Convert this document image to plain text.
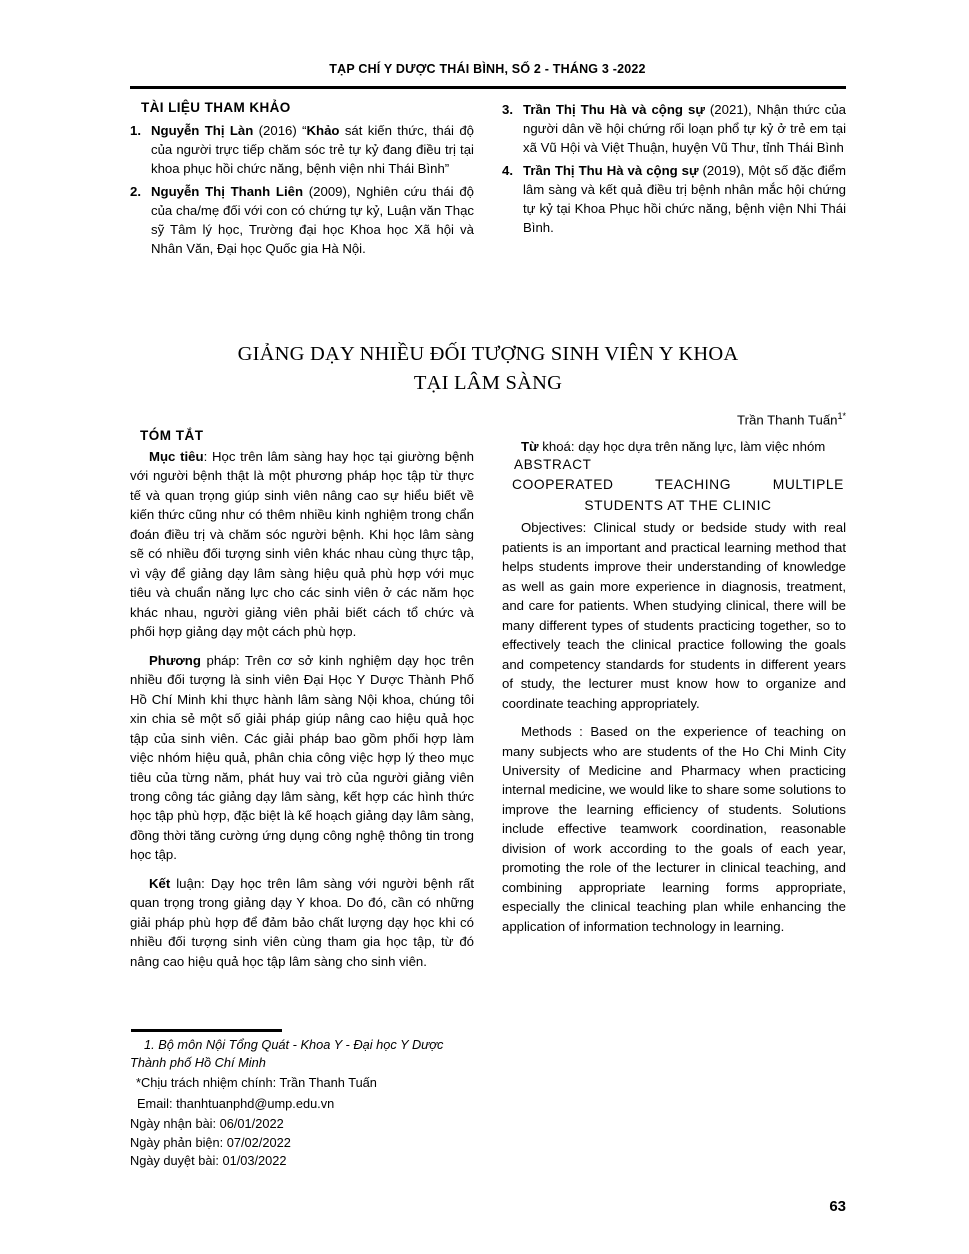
TẠP CHÍ Y DƯỢC THÁI BÌNH, SỐ 2 - THÁNG 3 -2022
TÀI LIỆU THAM KHẢO
1. Nguyễn Thị Làn (2016) “Khảo sát kiến thức, thái độ của người trực tiếp chăm sóc trẻ tự kỷ đang điều trị tại khoa phục hồi chức năng, bệnh viện nhi Thái Bình”
2. Nguyễn Thị Thanh Liên (2009), Nghiên cứu thái độ của cha/mẹ đối với con có chứng tự kỷ, Luận văn Thạc sỹ Tâm lý học, Trường đại học Khoa học Xã hội và Nhân Văn, Đại học Quốc gia Hà Nội.
3. Trần Thị Thu Hà và cộng sự (2021), Nhận thức của người dân về hội chứng rối loạn phổ tự kỷ ở trẻ em tại xã Vũ Hội và Việt Thuận, huyện Vũ Thư, tỉnh Thái Bình
4. Trần Thị Thu Hà và cộng sự (2019), Một số đặc điểm lâm sàng và kết quả điều trị bệnh nhân mắc hội chứng tự kỷ tại Khoa Phục hồi chức năng, bệnh viện Nhi Thái Bình.
GIẢNG DẠY NHIỀU ĐỐI TƯỢNG SINH VIÊN Y KHOA
TẠI LÂM SÀNG
Trần Thanh Tuấn$^{1*}$
TÓM TẮT

Mục tiêu: Học trên lâm sàng hay học tại giường bệnh với người bệnh thật là một phương pháp học tập từ thực tế và quan trọng giúp sinh viên nâng cao sự hiểu biết về kiến thức cũng như có thêm nhiều kinh nghiệm trong chẩn đoán điều trị và chăm sóc người bệnh. Khi học lâm sàng sẽ có nhiều đối tượng sinh viên khác nhau cùng thực tập, vì vậy để giảng dạy lâm sàng hiệu quả phù hợp với mục tiêu và chuẩn năng lực cho các sinh viên ở các năm học khác nhau, người giảng viên phải biết cách tổ chức và phối hợp giảng dạy một cách phù hợp.

Phương pháp: Trên cơ sở kinh nghiệm dạy học trên nhiều đối tượng là sinh viên Đại Học Y Dược Thành Phố Hồ Chí Minh khi thực hành lâm sàng Nội khoa, chúng tôi xin chia sẻ một số giải pháp giúp nâng cao hiệu quả học tập của sinh viên. Các giải pháp bao gồm phối hợp làm việc nhóm hiệu quả, phân chia công việc hợp lý theo mục tiêu của từng năm, phát huy vai trò của người giảng viên trong công tác giảng dạy lâm sàng, kết hợp các hình thức học tập phù hợp, đặc biệt là kế hoạch giảng dạy lâm sàng, đồng thời tăng cường ứng dụng công nghệ thông tin trong học tập.

Kết luận: Dạy học trên lâm sàng với người bệnh rất quan trọng trong giảng dạy Y khoa. Do đó, cần có những giải pháp phù hợp để đảm bảo chất lượng dạy học khi có nhiều đối tượng sinh viên cùng tham gia học tập, từ đó nâng cao hiệu quả học tập lâm sàng cho sinh viên.

Từ khoá: dạy học dựa trên năng lực, làm việc nhóm

ABSTRACT
COOPERATED TEACHING MULTIPLE STUDENTS AT THE CLINIC

Objectives: Clinical study or bedside study with real patients is an important and practical learning method that helps students improve their understanding of knowledge as well as gain more experience in diagnosis, treatment, and care for patients. When studying clinical, there will be many different types of students practicing together, so to effectively teach the clinical practice following the goals and competency standards for students in different years of study, the lecturer must know how to organize and coordinate teaching appropriately.

Methods : Based on the experience of teaching on many subjects who are students of the Ho Chi Minh City University of Medicine and Pharmacy when practicing internal medicine, we would like to share some solutions to improve the learning efficiency of students. Solutions include effective teamwork coordination, reasonable division of work according to the goals of each year, promoting the role of the lecturer in clinical teaching, and combining appropriate learning forms appropriate, especially the clinical teaching plan while enhancing the application of information technology in learning.

1. Bộ môn Nội Tổng Quát - Khoa Y - Đại học Y Dược Thành phố Hồ Chí Minh

*Chịu trách nhiệm chính: Trần Thanh Tuấn
Email: thanhtuanphd@ump.edu.vn
Ngày nhận bài: 06/01/2022
Ngày phản biện: 07/02/2022
Ngày duyệt bài: 01/03/2022
63
